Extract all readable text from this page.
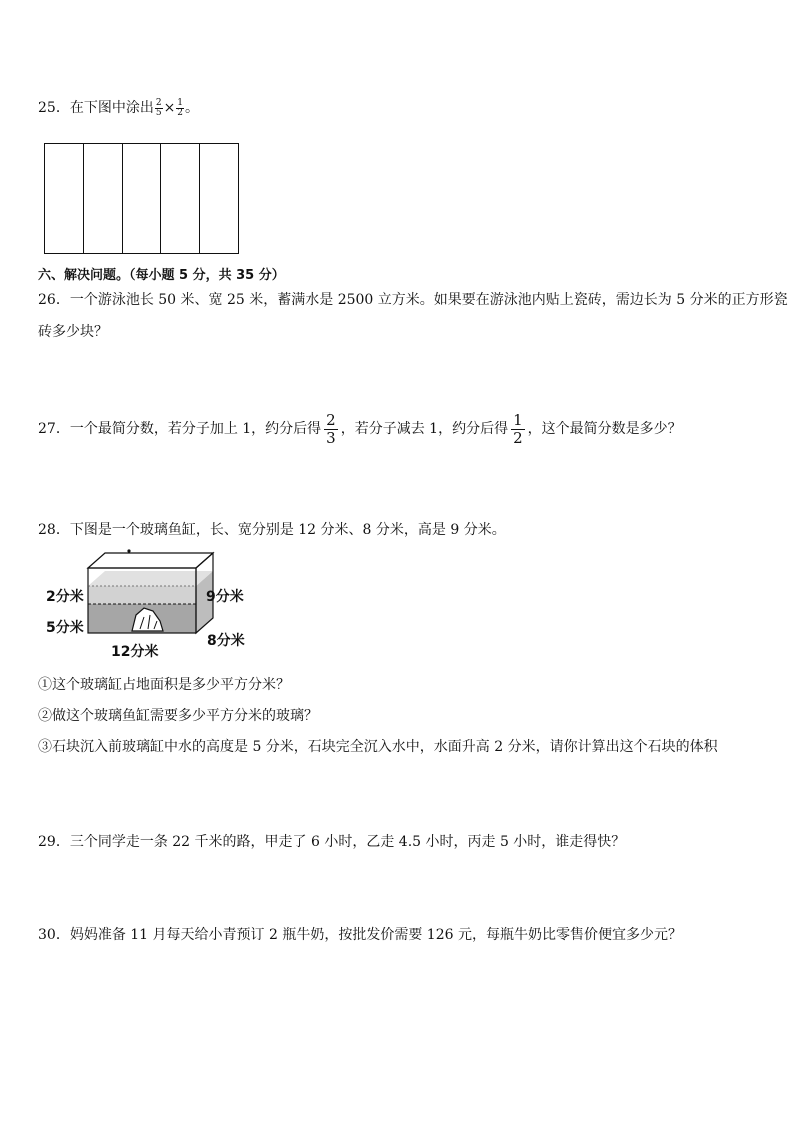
25．在下图中涂出 $\frac{2}{5} \times \frac{1}{2}$ 。
六、解决问题。（每小题 5 分，共 35 分）
26．一个游泳池长 50 米、宽 25 米，蓄满水是 2500 立方米。如果要在游泳池内贴上瓷砖，需边长为 5 分米的正方形瓷
砖多少块？
27．一个最简分数，若分子加上 1，约分后得 $\frac{2}{3}$ ，若分子减去 1，约分后得 $\frac{1}{2}$ ，这个最简分数是多少？
28．下图是一个玻璃鱼缸，长、宽分别是 12 分米、8 分米，高是 9 分米。
2分米
5分米
9分米
8分米
12分米
①这个玻璃缸占地面积是多少平方分米？
②做这个玻璃鱼缸需要多少平方分米的玻璃？
③石块沉入前玻璃缸中水的高度是 5 分米，石块完全沉入水中，水面升高 2 分米，请你计算出这个石块的体积
29．三个同学走一条 22 千米的路，甲走了 6 小时，乙走 4.5 小时，丙走 5 小时，谁走得快？
30．妈妈准备 11 月每天给小青预订 2 瓶牛奶，按批发价需要 126 元，每瓶牛奶比零售价便宜多少元？
